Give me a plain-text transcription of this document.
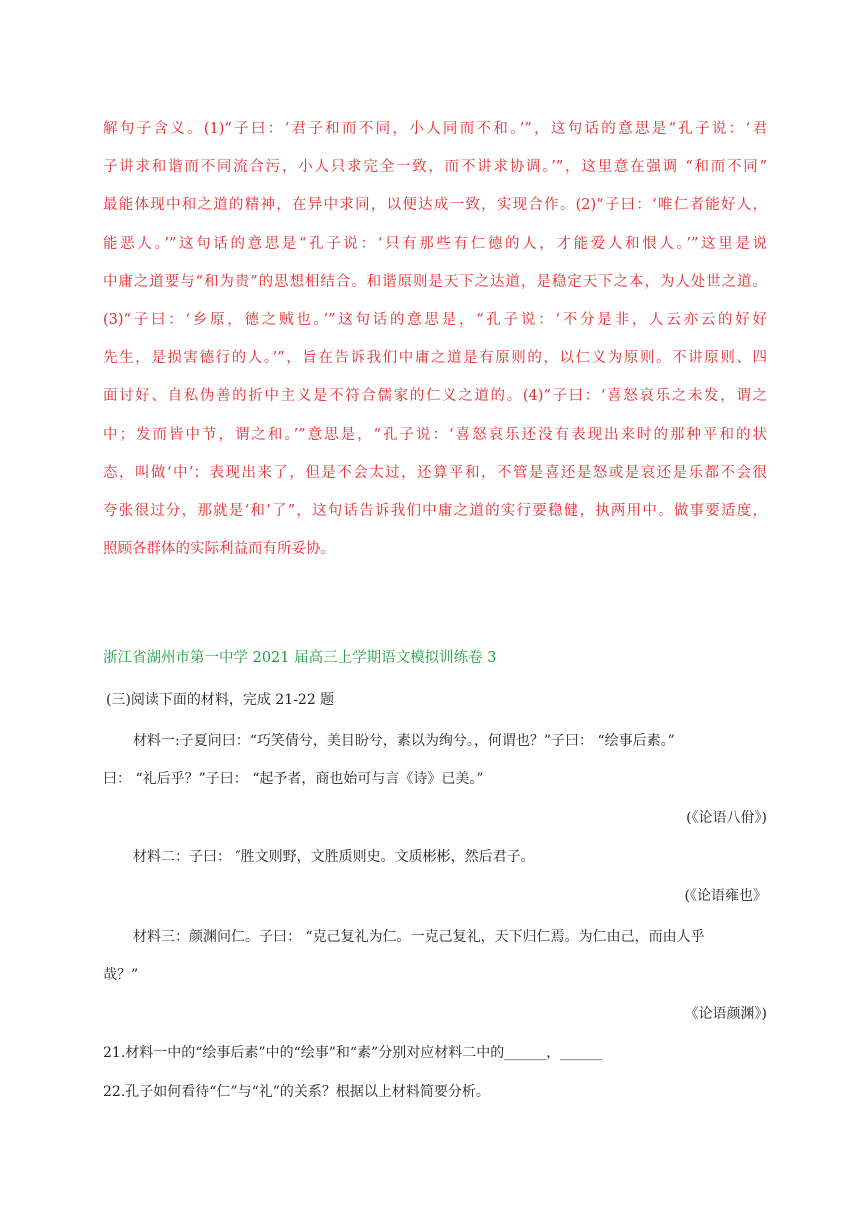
解句子含义。(1)“子曰：‘君子和而不同，小人同而不和。’”，这句话的意思是“孔子说：‘君
子讲求和谐而不同流合污，小人只求完全一致，而不讲求协调。’”，这里意在强调 “和而不同”
最能体现中和之道的精神，在异中求同，以便达成一致，实现合作。(2)“子曰：‘唯仁者能好人，
能恶人。’”这句话的意思是“孔子说：‘只有那些有仁德的人，才能爱人和恨人。’”这里是说
中庸之道要与“和为贵”的思想相结合。和谐原则是天下之达道，是稳定天下之本，为人处世之道。
(3)“子曰：‘乡原，德之贼也。’”这句话的意思是，“孔子说：‘不分是非，人云亦云的好好
先生，是损害德行的人。’”，旨在告诉我们中庸之道是有原则的，以仁义为原则。不讲原则、四
面讨好、自私伪善的折中主义是不符合儒家的仁义之道的。(4)“子曰：‘喜怒哀乐之未发，谓之
中；发而皆中节，谓之和。’”意思是，“孔子说：‘喜怒哀乐还没有表现出来时的那种平和的状
态，叫做‘中’；表现出来了，但是不会太过，还算平和，不管是喜还是怒或是哀还是乐都不会很
夸张很过分，那就是‘和’了”，这句话告诉我们中庸之道的实行要稳健，执两用中。做事要适度，
照顾各群体的实际利益而有所妥协。
浙江省湖州市第一中学 2021 届高三上学期语文模拟训练卷 3
(三)阅读下面的材料，完成 21-22 题
材料一:子夏问曰：“巧笑倩兮，美目盼兮，素以为绚兮。，何谓也？”子曰： “绘事后素。”
曰： “礼后乎？”子曰： “起予者，商也始可与言《诗》已美。”
(《论语八佾》)
材料二：子曰： ″胜文则野，文胜质则史。文质彬彬，然后君子。
(《论语雍也》
材料三：颜渊问仁。子曰： “克己复礼为仁。一克己复礼，天下归仁焉。为仁由己，而由人乎
哉？”
《论语颜渊》)
21.材料一中的“绘事后素”中的“绘事”和“素”分别对应材料二中的______，______
22.孔子如何看待“仁”与“礼”的关系？根据以上材料简要分析。
